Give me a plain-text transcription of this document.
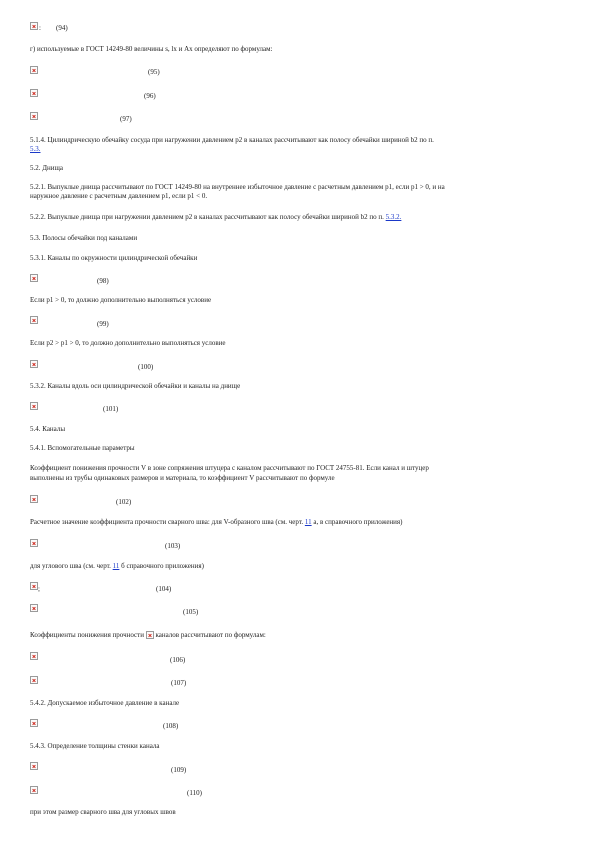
: (94)
г) используемые в ГОСТ 14249-80 величины s, lx и Ax определяют по формулам:
(95)
(96)
(97)
5.1.4. Цилиндрическую обечайку сосуда при нагружении давлением p2 в каналах рассчитывают как полосу обечайки шириной b2 по п.
5.3.
5.2. Днища
5.2.1. Выпуклые днища рассчитывают по ГОСТ 14249-80 на внутреннее избыточное давление с расчетным давлением p1, если p1 > 0, и на
наружное давление с расчетным давлением p1, если p1 < 0.
5.2.2. Выпуклые днища при нагружении давлением p2 в каналах рассчитывают как полосу обечайки шириной b2 по п. 5.3.2.
5.3. Полосы обечайки под каналами
5.3.1. Каналы по окружности цилиндрической обечайки
(98)
Если p1 > 0, то должно дополнительно выполняться условие
(99)
Если p2 > p1 > 0, то должно дополнительно выполняться условие
(100)
5.3.2. Каналы вдоль оси цилиндрической обечайки и каналы на днище
(101)
5.4. Каналы
5.4.1. Вспомогательные параметры
Коэффициент понижения прочности V в зоне сопряжения штуцера с каналом рассчитывают по ГОСТ 24755-81. Если канал и штуцер
выполнены из трубы одинаковых размеров и материала, то коэффициент V рассчитывают по формуле
(102)
Расчетное значение коэффициента прочности сварного шва: для V-образного шва (см. черт. 11 а, в справочного приложения)
(103)
для углового шва (см. черт. 11 б справочного приложения)
;	(104)
(105)
Коэффициенты понижения прочности каналов рассчитывают по формулам:
(106)
(107)
5.4.2. Допускаемое избыточное давление в канале
(108)
5.4.3. Определение толщины стенки канала
(109)
(110)
при этом размер сварного шва для угловых швов
